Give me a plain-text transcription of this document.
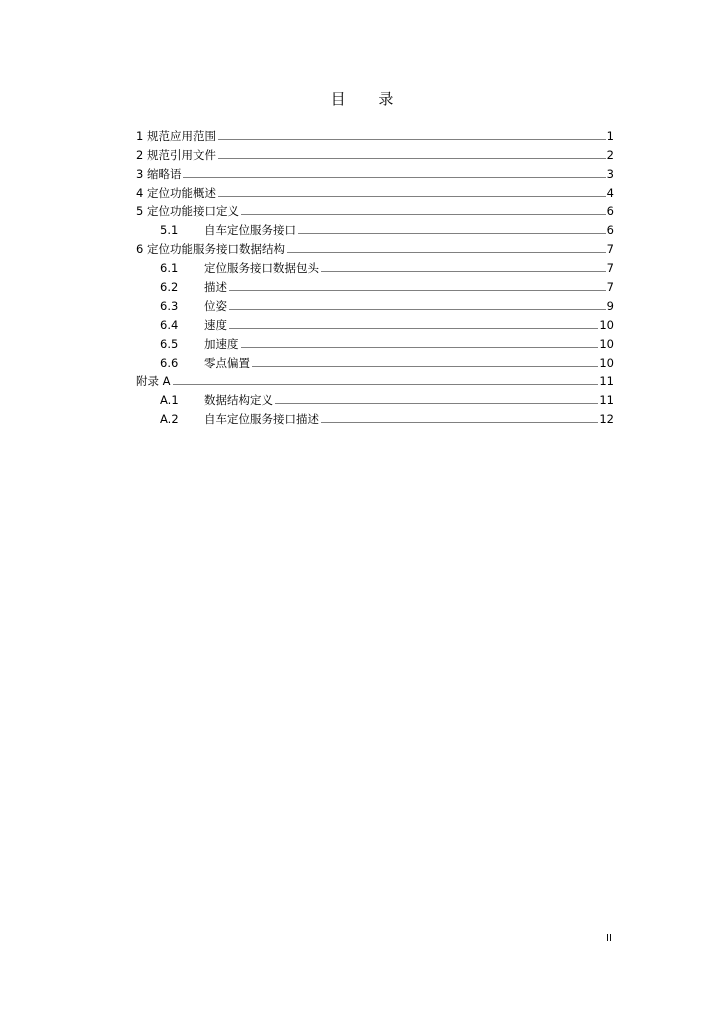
目 录
1 规范应用范围	1
2 规范引用文件	2
3 缩略语	3
4 定位功能概述	4
5 定位功能接口定义	6
5.1	自车定位服务接口	6
6 定位功能服务接口数据结构	7
6.1	定位服务接口数据包头	7
6.2	描述	7
6.3	位姿	9
6.4	速度	10
6.5	加速度	10
6.6	零点偏置	10
附录 A	11
A.1	数据结构定义	11
A.2	自车定位服务接口描述	12
II
